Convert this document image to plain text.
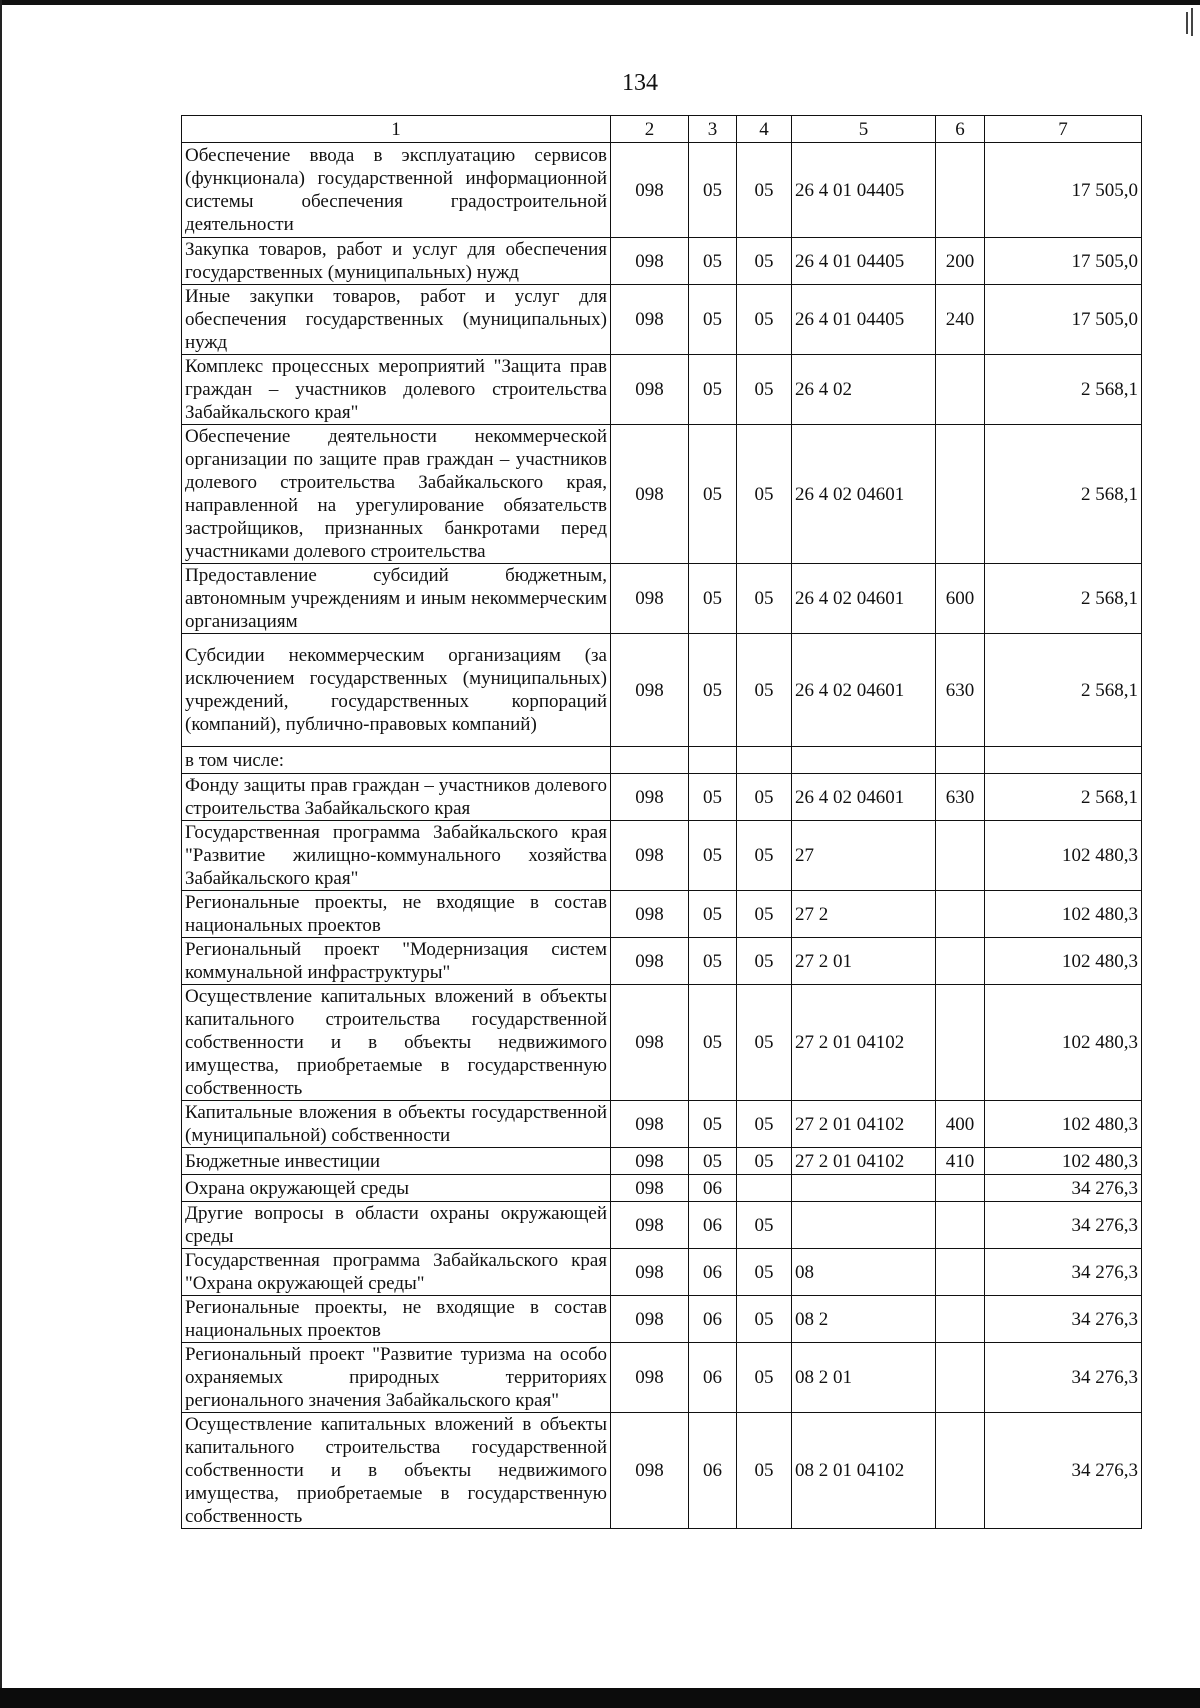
134
1	2	3	4	5	6	7
Обеспечение ввода в эксплуатацию сервисов (функционала) государственной информационной системы обеспечения градостроительной деятельности	098	05	05	26 4 01 04405		17 505,0
Закупка товаров, работ и услуг для обеспечения государственных (муниципальных) нужд	098	05	05	26 4 01 04405	200	17 505,0
Иные закупки товаров, работ и услуг для обеспечения государственных (муниципальных) нужд	098	05	05	26 4 01 04405	240	17 505,0
Комплекс процессных мероприятий "Защита прав граждан – участников долевого строительства Забайкальского края"	098	05	05	26 4 02		2 568,1
Обеспечение деятельности некоммерческой организации по защите прав граждан – участников долевого строительства Забайкальского края, направленной на урегулирование обязательств застройщиков, признанных банкротами перед участниками долевого строительства	098	05	05	26 4 02 04601		2 568,1
Предоставление субсидий бюджетным, автономным учреждениям и иным некоммерческим организациям	098	05	05	26 4 02 04601	600	2 568,1
Субсидии некоммерческим организациям (за исключением государственных (муниципальных) учреждений, государственных корпораций (компаний), публично-правовых компаний)	098	05	05	26 4 02 04601	630	2 568,1
в том числе:						
Фонду защиты прав граждан – участников долевого строительства Забайкальского края	098	05	05	26 4 02 04601	630	2 568,1
Государственная программа Забайкальского края "Развитие жилищно-коммунального хозяйства Забайкальского края"	098	05	05	27		102 480,3
Региональные проекты, не входящие в состав национальных проектов	098	05	05	27 2		102 480,3
Региональный проект "Модернизация систем коммунальной инфраструктуры"	098	05	05	27 2 01		102 480,3
Осуществление капитальных вложений в объекты капитального строительства государственной собственности и в объекты недвижимого имущества, приобретаемые в государственную собственность	098	05	05	27 2 01 04102		102 480,3
Капитальные вложения в объекты государственной (муниципальной) собственности	098	05	05	27 2 01 04102	400	102 480,3
Бюджетные инвестиции	098	05	05	27 2 01 04102	410	102 480,3
Охрана окружающей среды	098	06				34 276,3
Другие вопросы в области охраны окружающей среды	098	06	05			34 276,3
Государственная программа Забайкальского края "Охрана окружающей среды"	098	06	05	08		34 276,3
Региональные проекты, не входящие в состав национальных проектов	098	06	05	08 2		34 276,3
Региональный проект "Развитие туризма на особо охраняемых природных территориях регионального значения Забайкальского края"	098	06	05	08 2 01		34 276,3
Осуществление капитальных вложений в объекты капитального строительства государственной собственности и в объекты недвижимого имущества, приобретаемые в государственную собственность	098	06	05	08 2 01 04102		34 276,3
